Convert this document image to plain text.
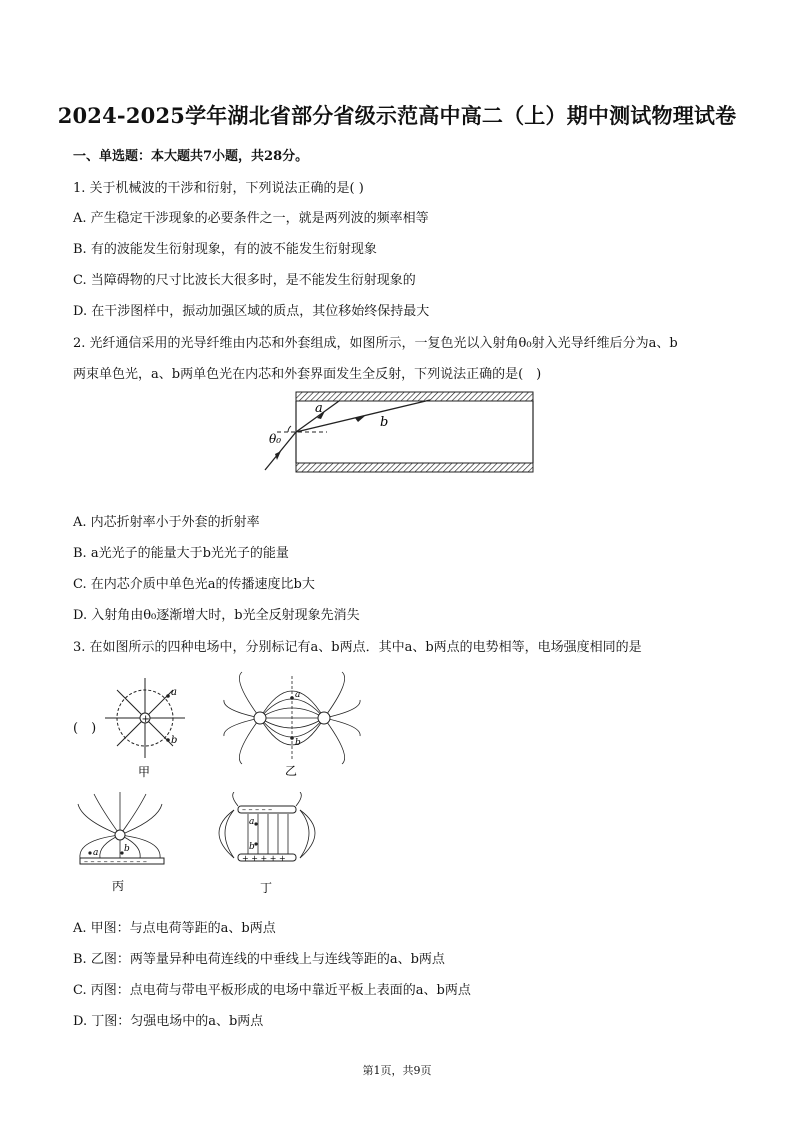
2024-2025学年湖北省部分省级示范高中高二（上）期中测试物理试卷
一、单选题：本大题共7小题，共28分。
1. 关于机械波的干涉和衍射，下列说法正确的是( )
A. 产生稳定干涉现象的必要条件之一，就是两列波的频率相等
B. 有的波能发生衍射现象，有的波不能发生衍射现象
C. 当障碍物的尺寸比波长大很多时，是不能发生衍射现象的
D. 在干涉图样中，振动加强区域的质点，其位移始终保持最大
2. 光纤通信采用的光导纤维由内芯和外套组成，如图所示，一复色光以入射角θ₀射入光导纤维后分为a、b
两束单色光，a、b两单色光在内芯和外套界面发生全反射，下列说法正确的是(　)
a
b
θ₀
A. 内芯折射率小于外套的折射率
B. a光光子的能量大于b光光子的能量
C. 在内芯介质中单色光a的传播速度比b大
D. 入射角由θ₀逐渐增大时，b光全反射现象先消失
3. 在如图所示的四种电场中，分别标记有a、b两点．其中a、b两点的电势相等，电场强度相同的是
(　)
+
a
b
甲
a
b
乙
– – – – – – – – – –
a	b
丙
– – – – –
+ + + + +
a
b
丁
A. 甲图：与点电荷等距的a、b两点
B. 乙图：两等量异种电荷连线的中垂线上与连线等距的a、b两点
C. 丙图：点电荷与带电平板形成的电场中靠近平板上表面的a、b两点
D. 丁图：匀强电场中的a、b两点
第1页，共9页
